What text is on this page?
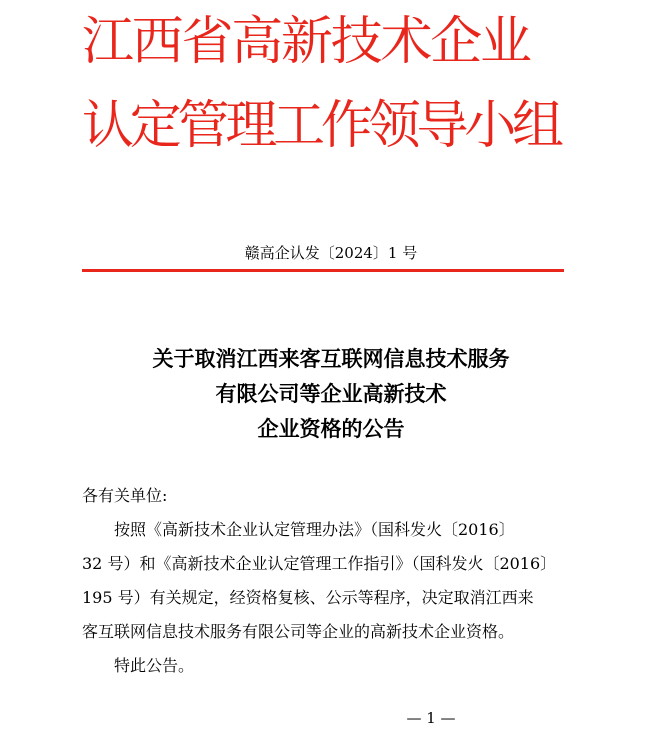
江西省高新技术企业
认定管理工作领导小组
赣高企认发〔2024〕1 号
关于取消江西来客互联网信息技术服务
有限公司等企业高新技术
企业资格的公告
各有关单位:
按照《高新技术企业认定管理办法》（国科发火〔2016〕
32 号）和《高新技术企业认定管理工作指引》（国科发火〔2016〕
195 号）有关规定，经资格复核、公示等程序，决定取消江西来
客互联网信息技术服务有限公司等企业的高新技术企业资格。
特此公告。
— 1 —
